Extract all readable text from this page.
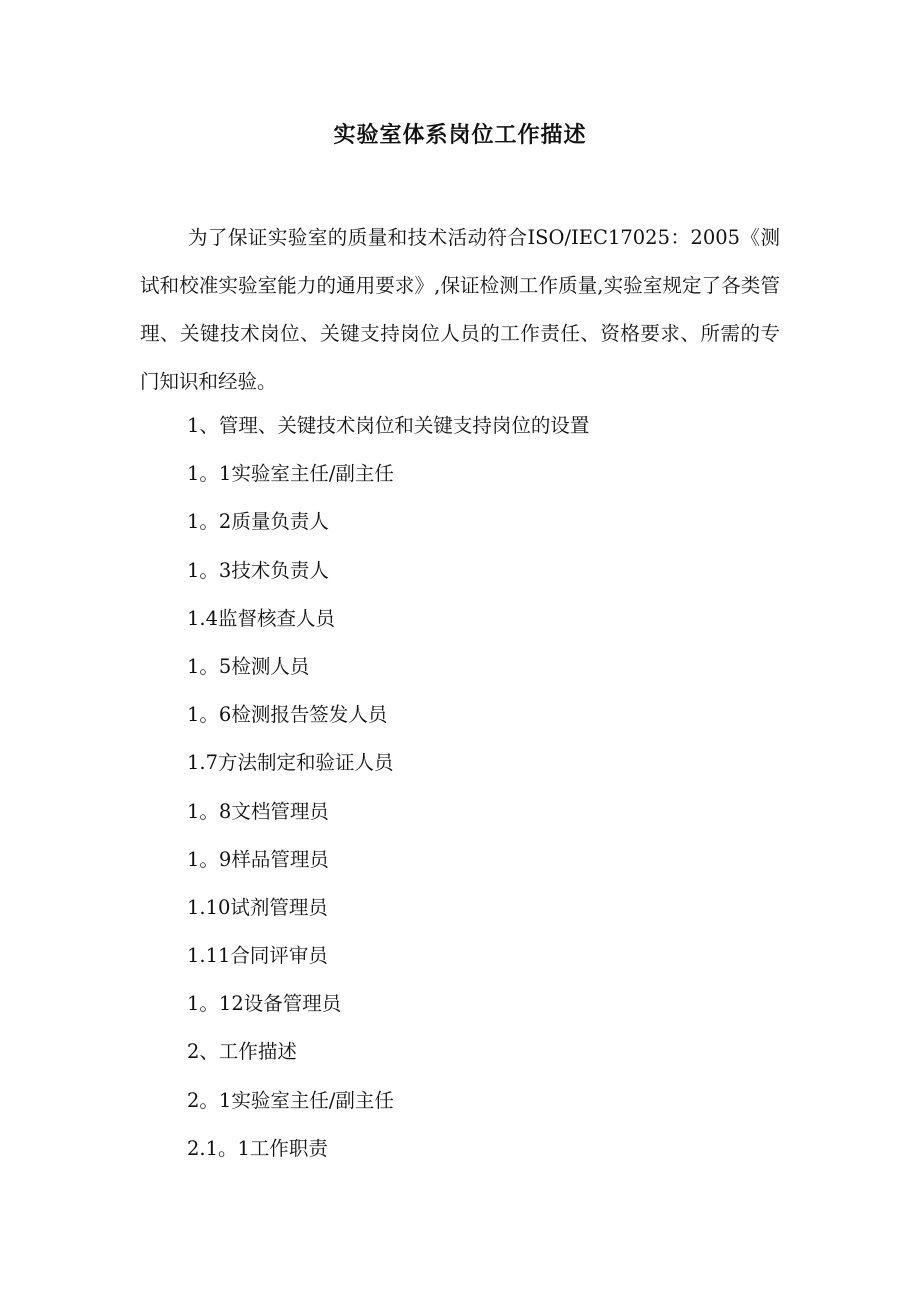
实验室体系岗位工作描述

为了保证实验室的质量和技术活动符合ISO/IEC17025：2005《测试和校准实验室能力的通用要求》,保证检测工作质量,实验室规定了各类管理、关键技术岗位、关键支持岗位人员的工作责任、资格要求、所需的专门知识和经验。

1、管理、关键技术岗位和关键支持岗位的设置
1。1实验室主任/副主任
1。2质量负责人
1。3技术负责人
1.4监督核查人员
1。5检测人员
1。6检测报告签发人员
1.7方法制定和验证人员
1。8文档管理员
1。9样品管理员
1.10试剂管理员
1.11合同评审员
1。12设备管理员
2、工作描述
2。1实验室主任/副主任
2.1。1工作职责
